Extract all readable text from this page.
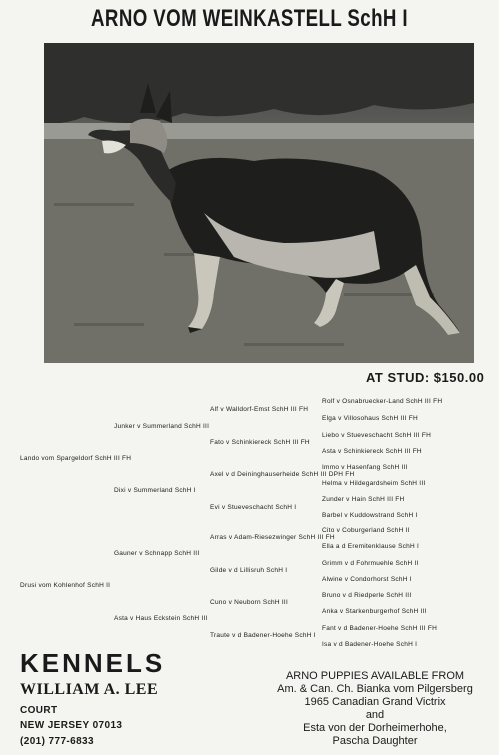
ARNO VOM WEINKASTELL SchH I
AT STUD: $150.00
Lando vom Spargeldorf SchH III FH
Drusi vom Kohlenhof SchH II
Junker v Summerland SchH III
Dixi v Summerland SchH I
Gauner v Schnapp SchH III
Asta v Haus Eckstein SchH III
Alf v Walldorf-Emst SchH III FH
Fato v Schinkiereck SchH III FH
Axel v d Deininghauserheide SchH III DPH FH
Evi v Stueveschacht SchH I
Arras v Adam-Riesezwinger SchH III FH
Gilde v d Lillisruh SchH I
Cuno v Neuborn SchH III
Traute v d Badener-Hoehe SchH I
Rolf v Osnabruecker-Land SchH III FH
Elga v Villosohaus SchH III FH
Liebo v Stueveschacht SchH III FH
Asta v Schinkiereck SchH III FH
Immo v Hasenfang SchH III
Helma v Hildegardsheim SchH III
Zunder v Hain SchH III FH
Barbel v Kuddowstrand SchH I
Cito v Coburgerland SchH II
Ella a d Eremitenklause SchH I
Grimm v d Fohrmuehle SchH II
Alwine v Condorhorst SchH I
Bruno v d Riedperle SchH III
Anka v Starkenburgerhof SchH III
Fant v d Badener-Hoehe SchH III FH
Isa v d Badener-Hoehe SchH I
KENNELS
WILLIAM A. LEE
COURT
NEW JERSEY 07013
(201) 777-6833
ARNO PUPPIES AVAILABLE FROM
Am. & Can. Ch. Bianka vom Pilgersberg
1965 Canadian Grand Victrix
and
Esta von der Dorheimerhohe,
Pascha Daughter
